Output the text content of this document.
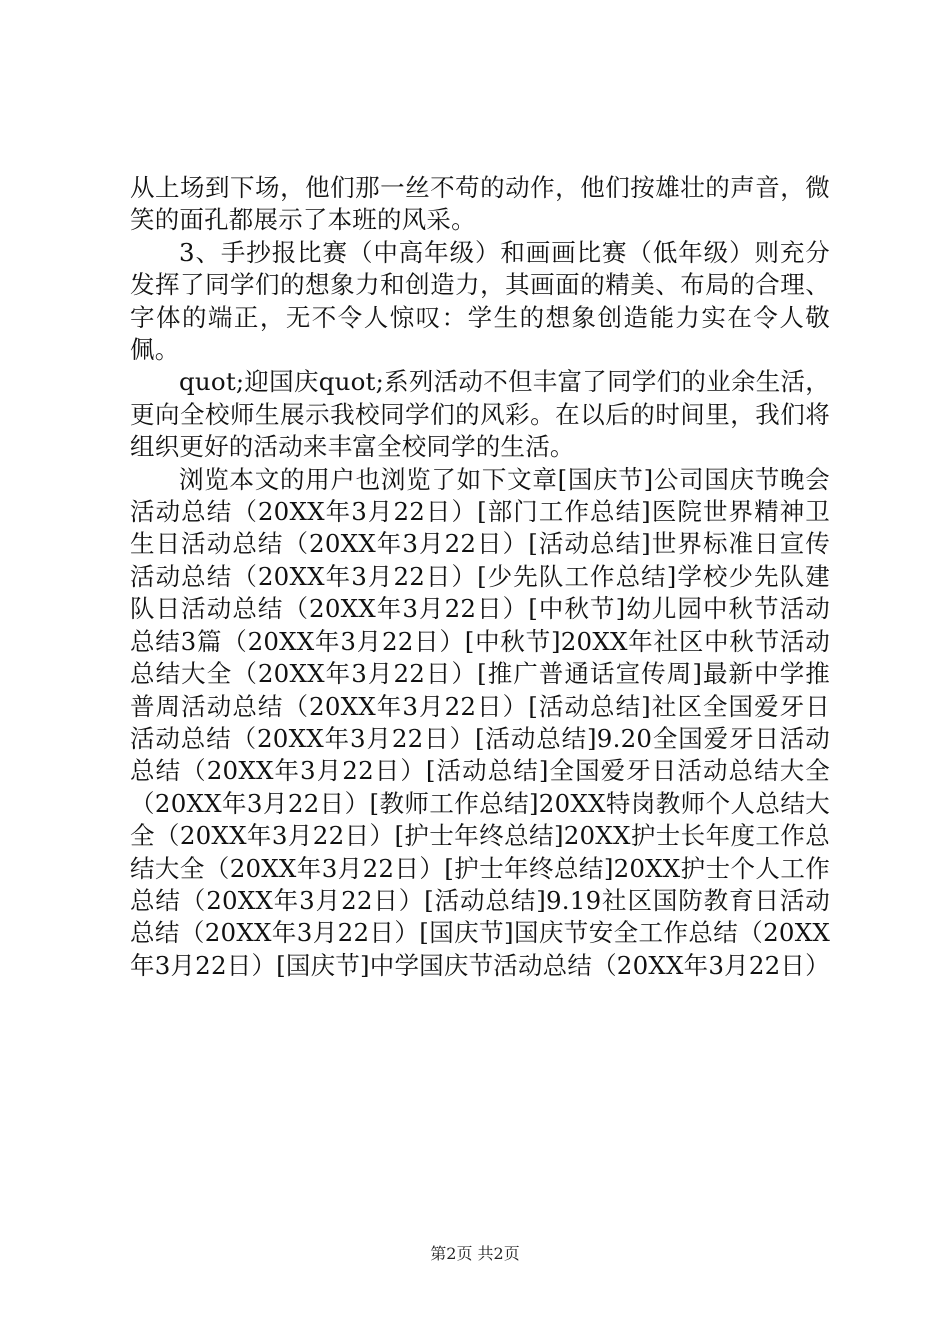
从上场到下场，他们那一丝不苟的动作，他们按雄壮的声音，微笑的面孔都展示了本班的风采。

3、手抄报比赛（中高年级）和画画比赛（低年级）则充分发挥了同学们的想象力和创造力，其画面的精美、布局的合理、字体的端正，无不令人惊叹：学生的想象创造能力实在令人敬佩。

quot;迎国庆quot;系列活动不但丰富了同学们的业余生活，更向全校师生展示我校同学们的风彩。在以后的时间里，我们将组织更好的活动来丰富全校同学的生活。

浏览本文的用户也浏览了如下文章[国庆节]公司国庆节晚会活动总结（20XX年3月22日）[部门工作总结]医院世界精神卫生日活动总结（20XX年3月22日）[活动总结]世界标准日宣传活动总结（20XX年3月22日）[少先队工作总结]学校少先队建队日活动总结（20XX年3月22日）[中秋节]幼儿园中秋节活动总结3篇（20XX年3月22日）[中秋节]20XX年社区中秋节活动总结大全（20XX年3月22日）[推广普通话宣传周]最新中学推普周活动总结（20XX年3月22日）[活动总结]社区全国爱牙日活动总结（20XX年3月22日）[活动总结]9.20全国爱牙日活动总结（20XX年3月22日）[活动总结]全国爱牙日活动总结大全（20XX年3月22日）[教师工作总结]20XX特岗教师个人总结大全（20XX年3月22日）[护士年终总结]20XX护士长年度工作总结大全（20XX年3月22日）[护士年终总结]20XX护士个人工作总结（20XX年3月22日）[活动总结]9.19社区国防教育日活动总结（20XX年3月22日）[国庆节]国庆节安全工作总结（20XX年3月22日）[国庆节]中学国庆节活动总结（20XX年3月22日）

第2页 共2页
